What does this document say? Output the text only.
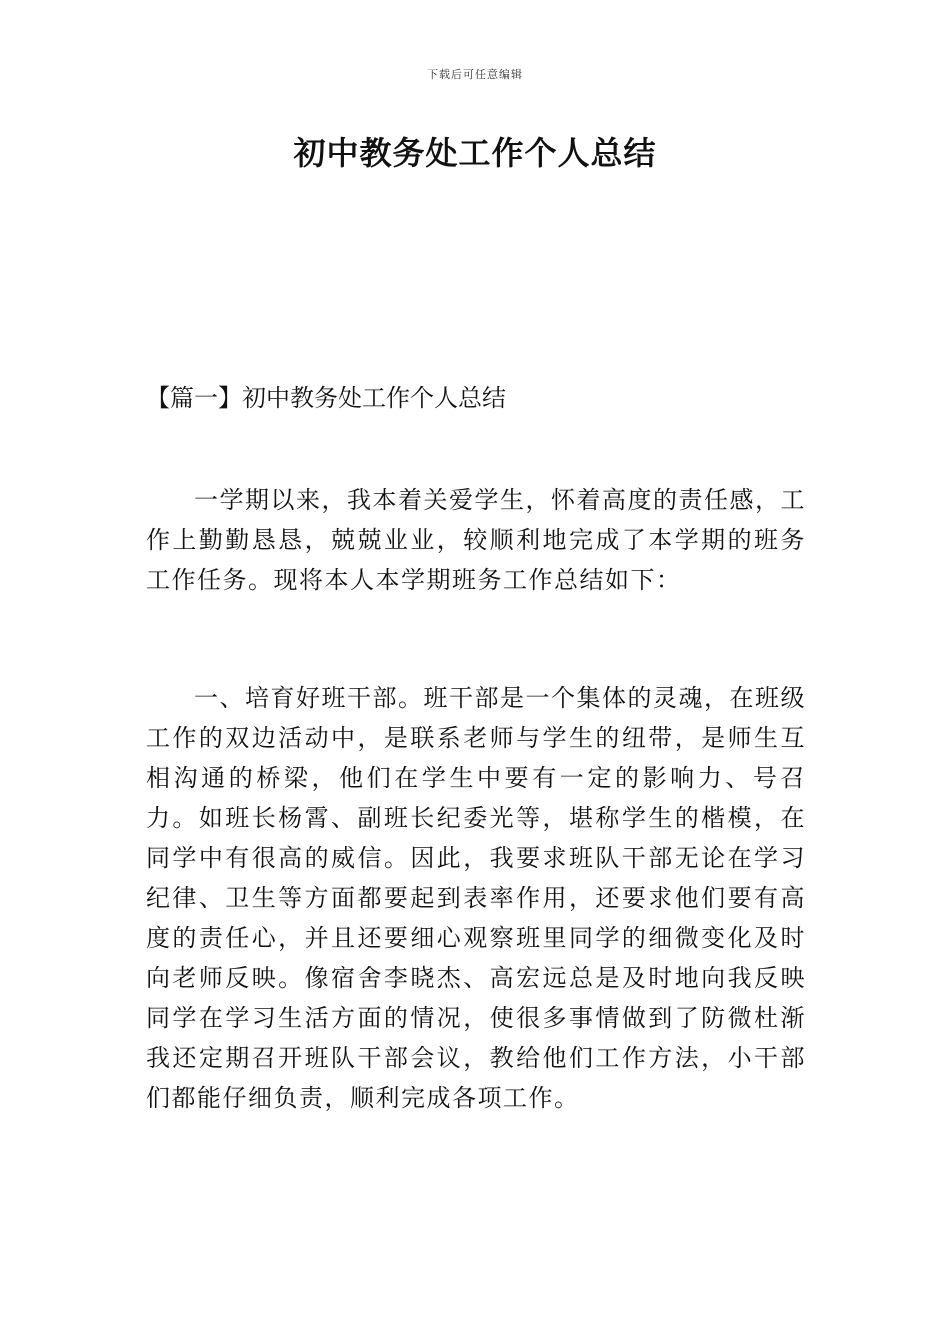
下载后可任意编辑
初中教务处工作个人总结
【篇一】初中教务处工作个人总结

一学期以来，我本着关爱学生，怀着高度的责任感，工作上勤勤恳恳，兢兢业业，较顺利地完成了本学期的班务工作任务。现将本人本学期班务工作总结如下：

一、培育好班干部。班干部是一个集体的灵魂，在班级工作的双边活动中，是联系老师与学生的纽带，是师生互相沟通的桥梁，他们在学生中要有一定的影响力、号召力。如班长杨霄、副班长纪委光等，堪称学生的楷模，在同学中有很高的威信。因此，我要求班队干部无论在学习纪律、卫生等方面都要起到表率作用，还要求他们要有高度的责任心，并且还要细心观察班里同学的细微变化及时向老师反映。像宿舍李晓杰、高宏远总是及时地向我反映同学在学习生活方面的情况，使很多事情做到了防微杜渐我还定期召开班队干部会议，教给他们工作方法，小干部们都能仔细负责，顺利完成各项工作。
